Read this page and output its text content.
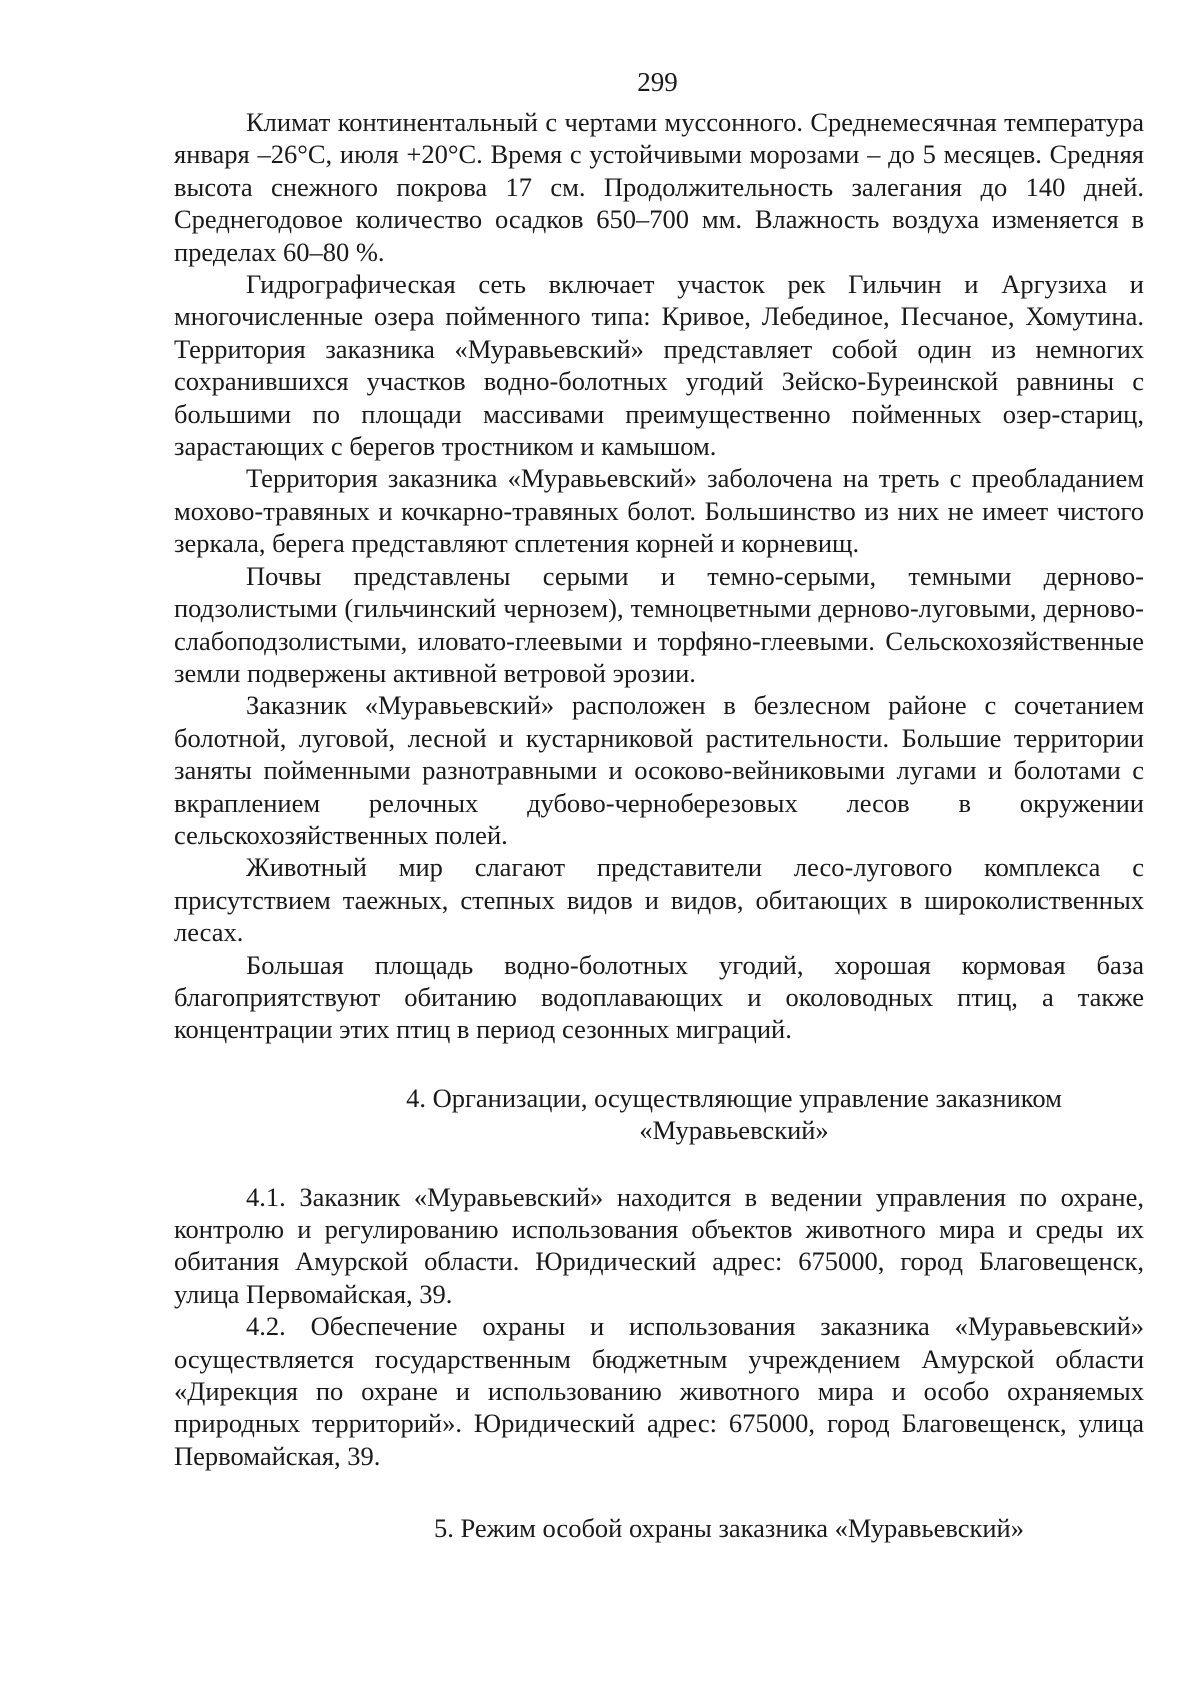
299

Климат континентальный с чертами муссонного. Среднемесячная температура января –26°С, июля +20°С. Время с устойчивыми морозами – до 5 месяцев. Средняя высота снежного покрова 17 см. Продолжительность залегания до 140 дней. Среднегодовое количество осадков 650–700 мм. Влажность воздуха изменяется в пределах 60–80 %.

Гидрографическая сеть включает участок рек Гильчин и Аргузиха и многочисленные озера пойменного типа: Кривое, Лебединое, Песчаное, Хомутина. Территория заказника «Муравьевский» представляет собой один из немногих сохранившихся участков водно-болотных угодий Зейско-Буреинской равнины с большими по площади массивами преимущественно пойменных озер-стариц, зарастающих с берегов тростником и камышом.

Территория заказника «Муравьевский» заболочена на треть с преобладанием мохово-травяных и кочкарно-травяных болот. Большинство из них не имеет чистого зеркала, берега представляют сплетения корней и корневищ.

Почвы представлены серыми и темно-серыми, темными дерново-подзолистыми (гильчинский чернозем), темноцветными дерново-луговыми, дерново-слабоподзолистыми, иловато-глеевыми и торфяно-глеевыми. Сельскохозяйственные земли подвержены активной ветровой эрозии.

Заказник «Муравьевский» расположен в безлесном районе с сочетанием болотной, луговой, лесной и кустарниковой растительности. Большие территории заняты пойменными разнотравными и осоково-вейниковыми лугами и болотами с вкраплением релочных дубово-черноберезовых лесов в окружении сельскохозяйственных полей.

Животный мир слагают представители лесо-лугового комплекса с присутствием таежных, степных видов и видов, обитающих в широколиственных лесах.

Большая площадь водно-болотных угодий, хорошая кормовая база благоприятствуют обитанию водоплавающих и околоводных птиц, а также концентрации этих птиц в период сезонных миграций.

4. Организации, осуществляющие управление заказником
«Муравьевский»

4.1. Заказник «Муравьевский» находится в ведении управления по охране, контролю и регулированию использования объектов животного мира и среды их обитания Амурской области. Юридический адрес: 675000, город Благовещенск, улица Первомайская, 39.

4.2. Обеспечение охраны и использования заказника «Муравьевский» осуществляется государственным бюджетным учреждением Амурской области «Дирекция по охране и использованию животного мира и особо охраняемых природных территорий». Юридический адрес: 675000, город Благовещенск, улица Первомайская, 39.

5. Режим особой охраны заказника «Муравьевский»
